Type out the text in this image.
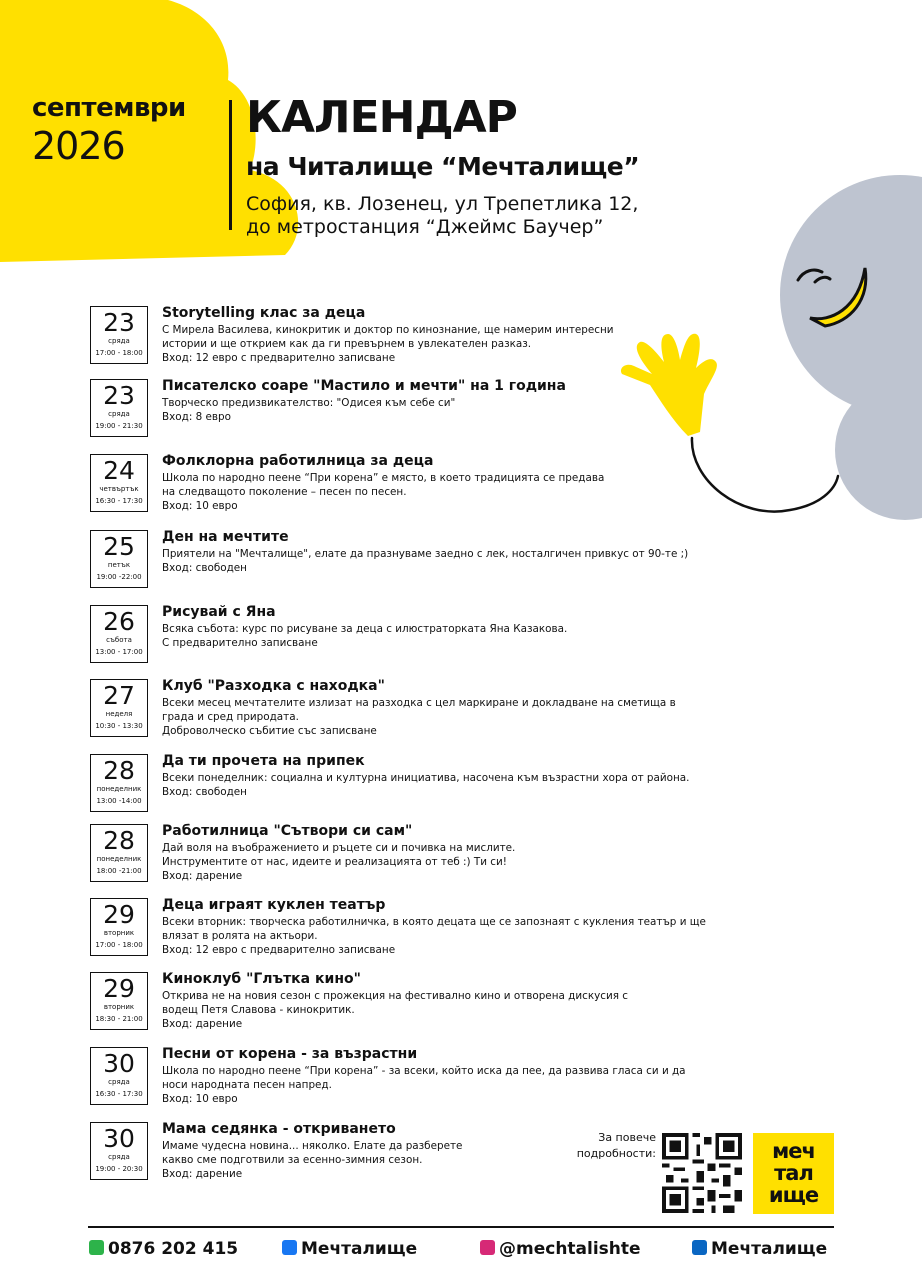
септември
2026
КАЛЕНДАР
на Читалище “Мечталище”
София, кв. Лозенец, ул Трепетлика 12,
до метростанция “Джеймс Баучер”
23
сряда
17:00 - 18:00
Storytelling клас за деца
С Мирела Василева, кинокритик и доктор по кинознание, ще намерим интересни
истории и ще открием как да ги превърнем в увлекателен разказ.
Вход: 12 евро с предварително записване
23
сряда
19:00 - 21:30
Писателско соаре "Мастило и мечти" на 1 година
Творческо предизвикателство: "Одисея към себе си"
Вход: 8 евро
24
четвъртък
16:30 - 17:30
Фолклорна работилница за деца
Школа по народно пеене “При корена” е място, в което традицията се предава
на следващото поколение – песен по песен.
Вход: 10 евро
25
петък
19:00 -22:00
Ден на мечтите
Приятели на "Мечталище", елате да празнуваме заедно с лек, носталгичен привкус от 90-те ;)
Вход: свободен
26
събота
13:00 - 17:00
Рисувай с Яна
Всяка събота: курс по рисуване за деца с илюстраторката Яна Казакова.
С предварително записване
27
неделя
10:30 - 13:30
Клуб "Разходка с находка"
Всеки месец мечтателите излизат на разходка с цел маркиране и докладване на сметища в
града и сред природата.
Доброволческо събитие със записване
28
понеделник
13:00 -14:00
Да ти прочета на припек
Всеки понеделник: социална и културна инициатива, насочена към възрастни хора от района.
Вход: свободен
28
понеделник
18:00 -21:00
Работилница "Сътвори си сам"
Дай воля на въображението и ръцете си и почивка на мислите.
Инструментите от нас, идеите и реализацията от теб :) Ти си!
Вход: дарение
29
вторник
17:00 - 18:00
Деца играят куклен театър
Всеки вторник: творческа работилничка, в която децата ще се запознаят с кукления театър и ще
влязат в ролята на актьори.
Вход: 12 евро с предварително записване
29
вторник
18:30 - 21:00
Киноклуб "Глътка кино"
Открива не на новия сезон с прожекция на фестивално кино и отворена дискусия с
водещ Петя Славова - кинокритик.
Вход: дарение
30
сряда
16:30 - 17:30
Песни от корена - за възрастни
Школа по народно пеене “При корена” - за всеки, който иска да пее, да развива гласа си и да
носи народната песен напред.
Вход: 10 евро
30
сряда
19:00 - 20:30
Мама седянка - откриването
Имаме чудесна новина... няколко. Елате да разберете
какво сме подготвили за есенно-зимния сезон.
Вход: дарение
За повече
подробности:	меч
тал
ище
0876 202 415	Мечталище	@mechtalishte	Мечталище
